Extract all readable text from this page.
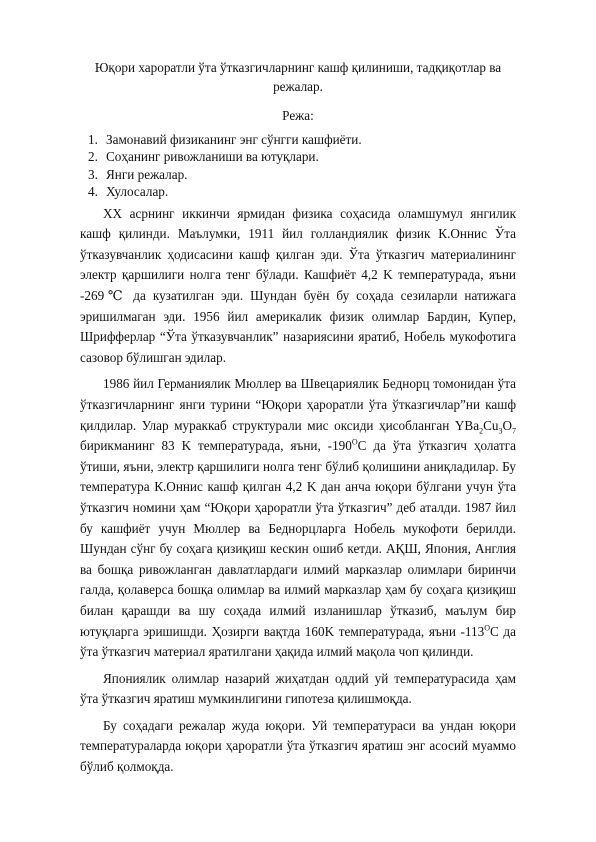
Юқори хароратли ўта ўтказгичларнинг кашф қилиниши, тадқиқотлар ва режалар.
Режа:
1. Замонавий физиканинг энг сўнгги кашфиёти.
2. Соҳанинг ривожланиши ва ютуқлари.
3. Янги режалар.
4. Хулосалар.

XX асрнинг иккинчи ярмидан физика соҳасида оламшумул янгилик кашф қилинди. Маълумки, 1911 йил голландиялик физик К.Оннис Ўта ўтказувчанлик ҳодисасини кашф қилган эди. Ўта ўтказгич материалининг электр қаршилиги нолга тенг бўлади. Кашфиёт 4,2 K температурада, яъни -269℃ да кузатилган эди. Шундан буён бу соҳада сезиларли натижага эришилмаган эди. 1956 йил америкалик физик олимлар Бардин, Купер, Шрифферлар “Ўта ўтказувчанлик” назариясини яратиб, Нобель мукофотига сазовор бўлишган эдилар.

1986 йил Германиялик Мюллер ва Швецариялик Беднорц томонидан ўта ўтказгичларнинг янги турини “Юқори ҳароратли ўта ўтказгичлар”ни кашф қилдилар. Улар мураккаб структурали мис оксиди ҳисобланган $YBa_2Cu_3O_7$ бирикманинг 83 K температурада, яъни, $-190^OC$ да ўта ўтказгич ҳолатга ўтиши, яъни, электр қаршилиги нолга тенг бўлиб қолишини аниқладилар. Бу температура К.Оннис кашф қилган 4,2 K дан анча юқори бўлгани учун ўта ўтказгич номини ҳам “Юқори ҳароратли ўта ўтказгич” деб аталди. 1987 йил бу кашфиёт учун Мюллер ва Беднорцларга Нобель мукофоти берилди. Шундан сўнг бу соҳага қизиқиш кескин ошиб кетди. АҚШ, Япония, Англия ва бошқа ривожланган давлатлардаги илмий марказлар олимлари биринчи галда, қолаверса бошқа олимлар ва илмий марказлар ҳам бу соҳага қизиқиш билан қарашди ва шу соҳада илмий изланишлар ўтказиб, маълум бир ютуқларга эришишди. Ҳозирги вақтда 160K температурада, яъни $-113^OC$ да ўта ўтказгич материал яратилгани ҳақида илмий мақола чоп қилинди.

Япониялик олимлар назарий жиҳатдан оддий уй температурасида ҳам ўта ўтказгич яратиш мумкинлигини гипотеза қилишмоқда.

Бу соҳадаги режалар жуда юқори. Уй температураси ва ундан юқори температураларда юқори ҳароратли ўта ўтказгич яратиш энг асосий муаммо бўлиб қолмоқда.
